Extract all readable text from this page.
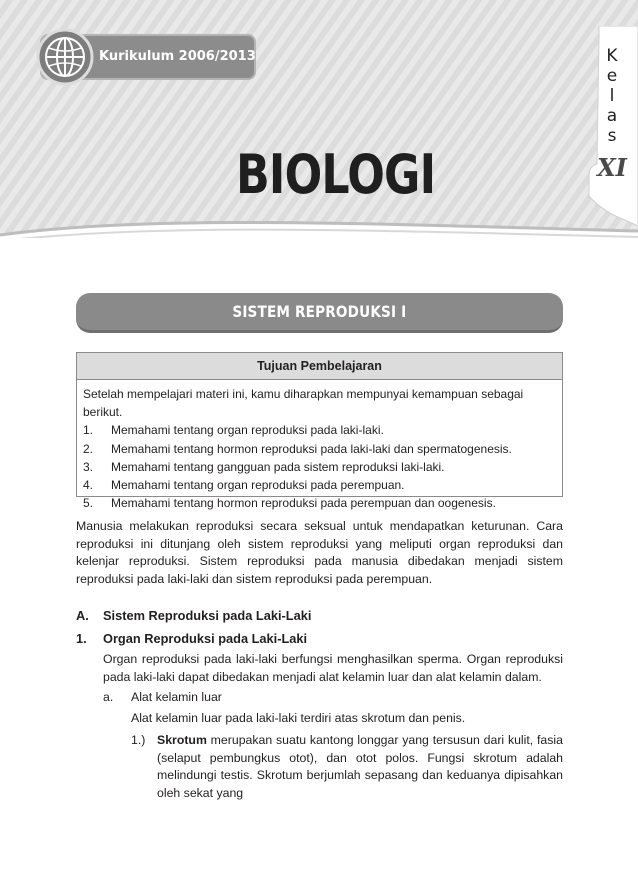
Kurikulum 2006/2013
BIOLOGI
K
e
l
a
s
XI
SISTEM REPRODUKSI I
Tujuan Pembelajaran
Setelah mempelajari materi ini, kamu diharapkan mempunyai kemampuan sebagai berikut.
1.	Memahami tentang organ reproduksi pada laki-laki.
2.	Memahami tentang hormon reproduksi pada laki-laki dan spermatogenesis.
3.	Memahami tentang gangguan pada sistem reproduksi laki-laki.
4.	Memahami tentang organ reproduksi pada perempuan.
5.	Memahami tentang hormon reproduksi pada perempuan dan oogenesis.

Manusia melakukan reproduksi secara seksual untuk mendapatkan keturunan. Cara reproduksi ini ditunjang oleh sistem reproduksi yang meliputi organ reproduksi dan kelenjar reproduksi. Sistem reproduksi pada manusia dibedakan menjadi sistem reproduksi pada laki-laki dan sistem reproduksi pada perempuan.

A.	Sistem Reproduksi pada Laki-Laki
1.	Organ Reproduksi pada Laki-Laki

Organ reproduksi pada laki-laki berfungsi menghasilkan sperma. Organ reproduksi pada laki-laki dapat dibedakan menjadi alat kelamin luar dan alat kelamin dalam.

a.	Alat kelamin luar

Alat kelamin luar pada laki-laki terdiri atas skrotum dan penis.

1.) Skrotum merupakan suatu kantong longgar yang tersusun dari kulit, fasia (selaput pembungkus otot), dan otot polos. Fungsi skrotum adalah melindungi testis. Skrotum berjumlah sepasang dan keduanya dipisahkan oleh sekat yang
